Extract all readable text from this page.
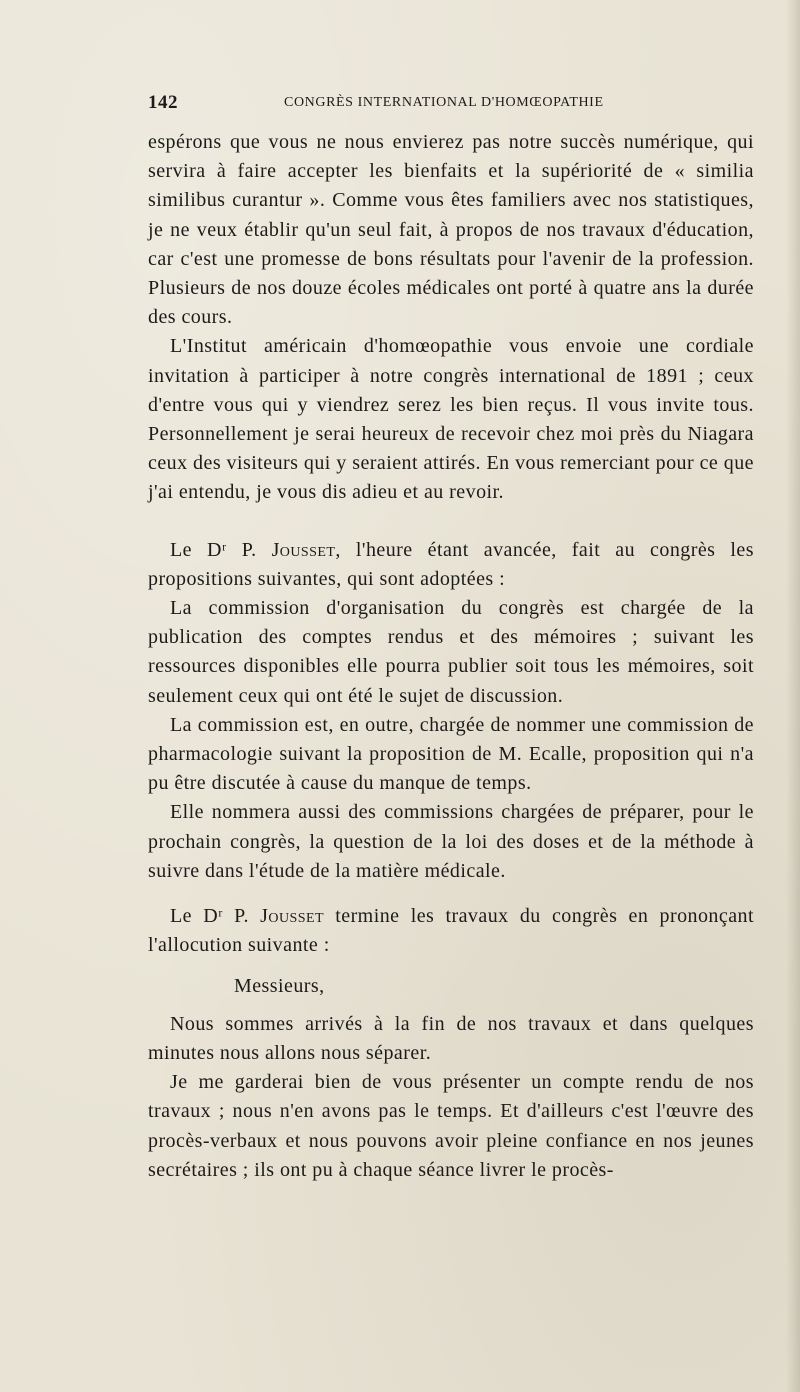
142	CONGRÈS INTERNATIONAL D'HOMŒOPATHIE

espérons que vous ne nous envierez pas notre succès numérique, qui servira à faire accepter les bienfaits et la supériorité de « similia similibus curantur ». Comme vous êtes familiers avec nos statistiques, je ne veux établir qu'un seul fait, à propos de nos travaux d'éducation, car c'est une promesse de bons résultats pour l'avenir de la profession. Plusieurs de nos douze écoles médicales ont porté à quatre ans la durée des cours.

L'Institut américain d'homœopathie vous envoie une cordiale invitation à participer à notre congrès international de 1891 ; ceux d'entre vous qui y viendrez serez les bien reçus. Il vous invite tous. Personnellement je serai heureux de recevoir chez moi près du Niagara ceux des visiteurs qui y seraient attirés. En vous remerciant pour ce que j'ai entendu, je vous dis adieu et au revoir.

Le Dʳ P. Jousset, l'heure étant avancée, fait au congrès les propositions suivantes, qui sont adoptées :

La commission d'organisation du congrès est chargée de la publication des comptes rendus et des mémoires ; suivant les ressources disponibles elle pourra publier soit tous les mémoires, soit seulement ceux qui ont été le sujet de discussion.

La commission est, en outre, chargée de nommer une commission de pharmacologie suivant la proposition de M. Ecalle, proposition qui n'a pu être discutée à cause du manque de temps.

Elle nommera aussi des commissions chargées de préparer, pour le prochain congrès, la question de la loi des doses et de la méthode à suivre dans l'étude de la matière médicale.

Le Dʳ P. Jousset termine les travaux du congrès en prononçant l'allocution suivante :

Messieurs,

Nous sommes arrivés à la fin de nos travaux et dans quelques minutes nous allons nous séparer.

Je me garderai bien de vous présenter un compte rendu de nos travaux ; nous n'en avons pas le temps. Et d'ailleurs c'est l'œuvre des procès-verbaux et nous pouvons avoir pleine confiance en nos jeunes secrétaires ; ils ont pu à chaque séance livrer le procès-
